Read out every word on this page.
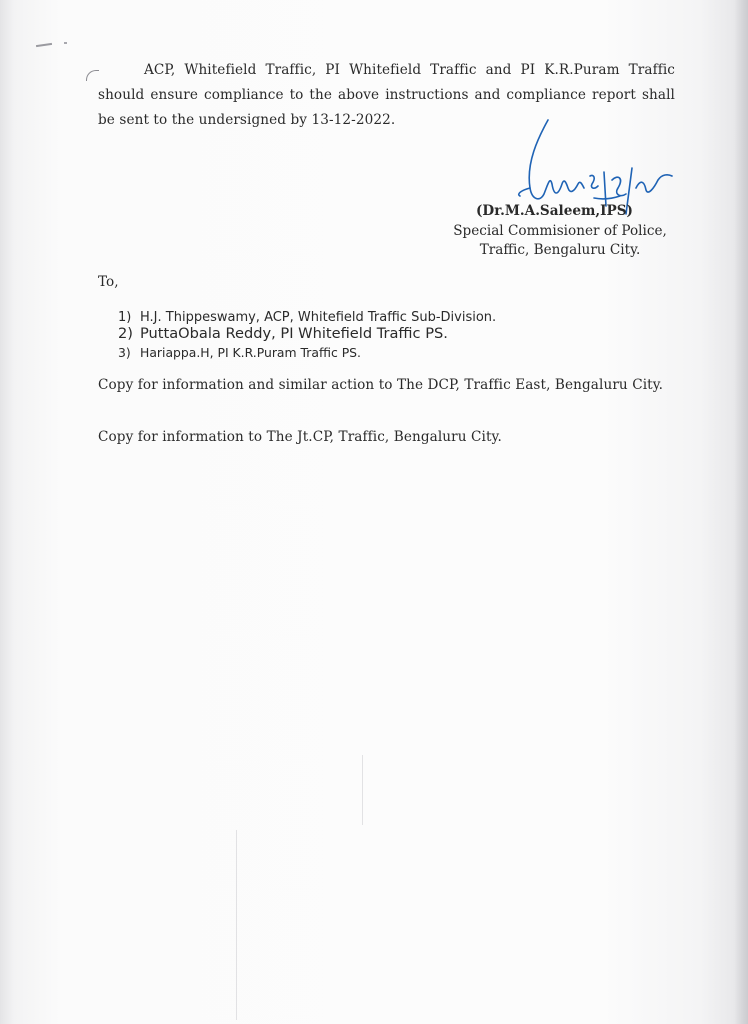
ACP, Whitefield Traffic, PI Whitefield Traffic and PI K.R.Puram Traffic should ensure compliance to the above instructions and compliance report shall be sent to the undersigned by 13-12-2022.

(Dr.M.A.Saleem,IPS)
Special Commisioner of Police,
Traffic, Bengaluru City.
To,
1) H.J. Thippeswamy, ACP, Whitefield Traffic Sub-Division.
2) PuttaObala Reddy, PI Whitefield Traffic PS.
3) Hariappa.H, PI K.R.Puram Traffic PS.

Copy for information and similar action to The DCP, Traffic East, Bengaluru City.

Copy for information to The Jt.CP, Traffic, Bengaluru City.
